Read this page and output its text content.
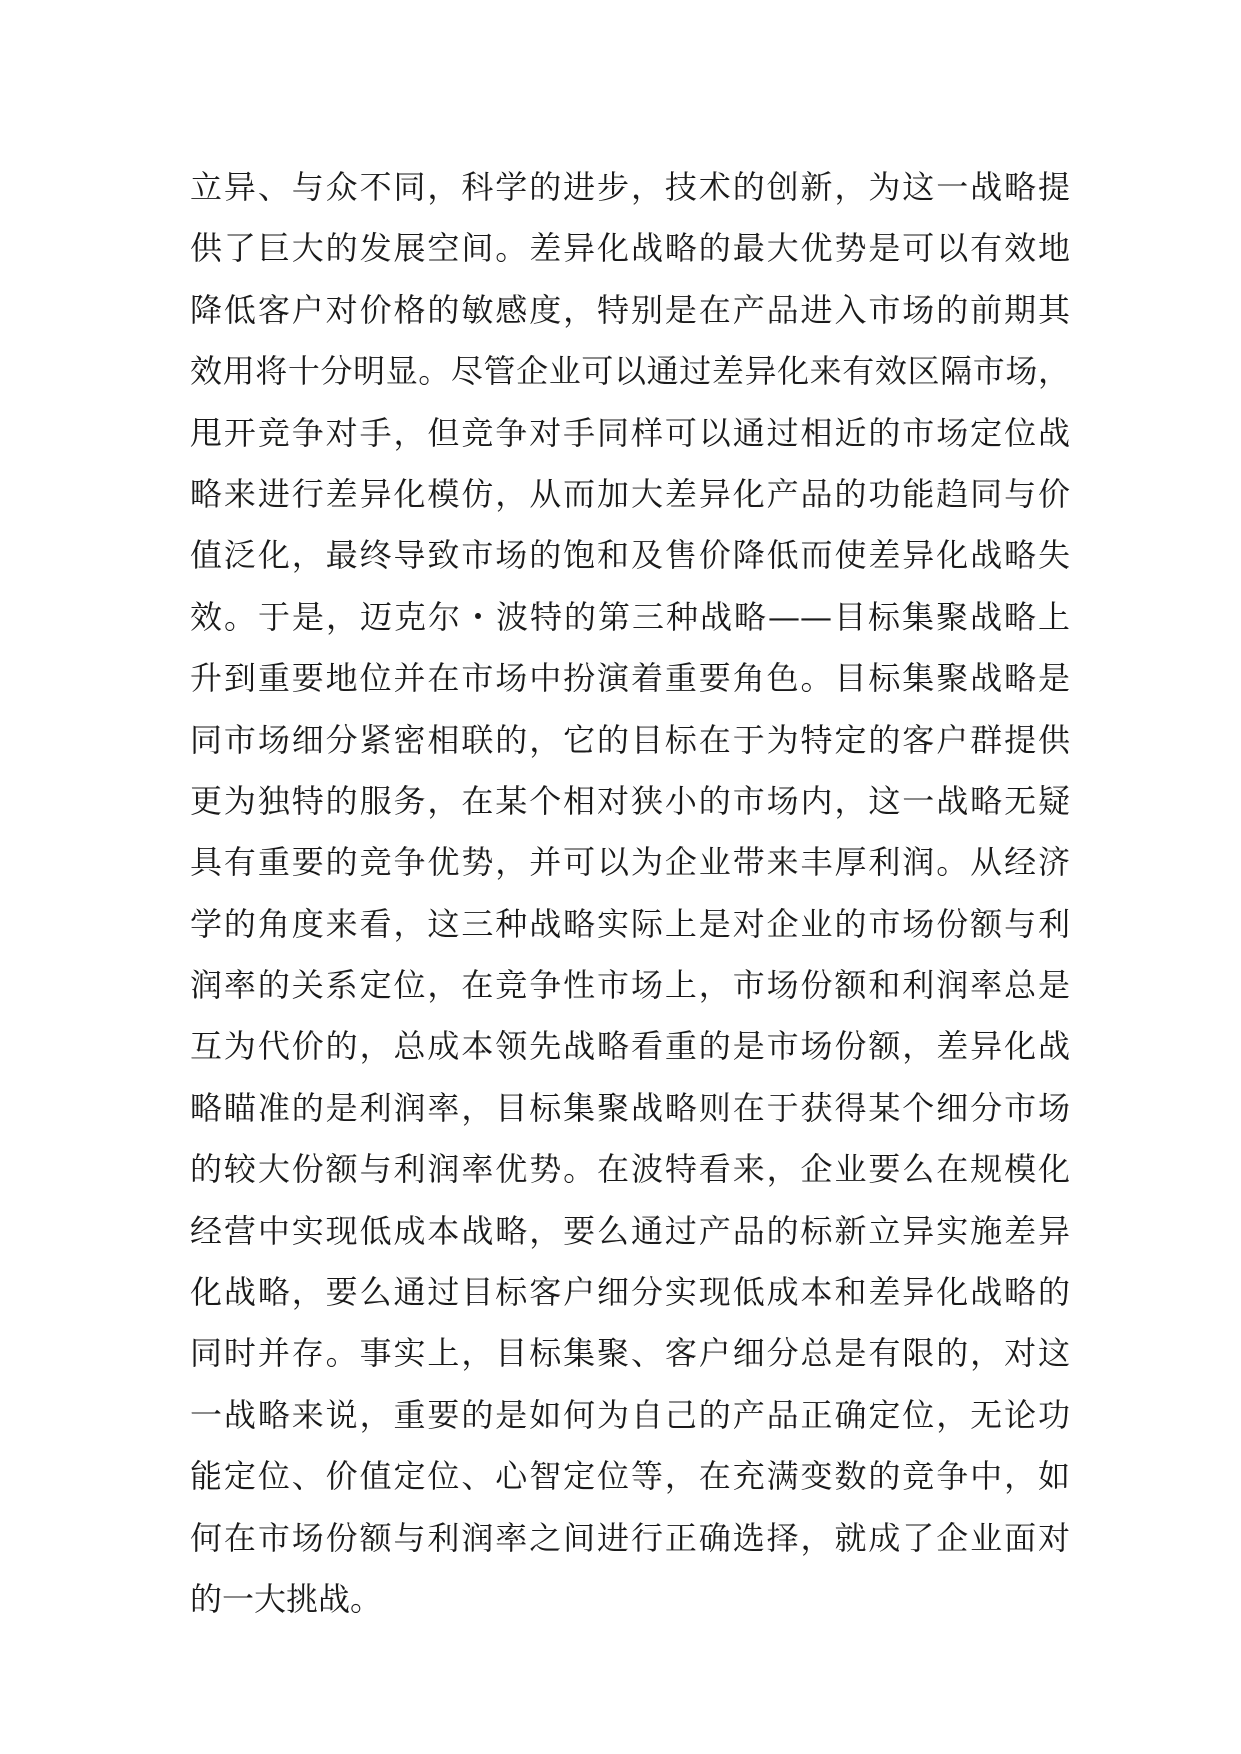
立异、与众不同，科学的进步，技术的创新，为这一战略提
供了巨大的发展空间。差异化战略的最大优势是可以有效地
降低客户对价格的敏感度，特别是在产品进入市场的前期其
效用将十分明显。尽管企业可以通过差异化来有效区隔市场，
甩开竞争对手，但竞争对手同样可以通过相近的市场定位战
略来进行差异化模仿，从而加大差异化产品的功能趋同与价
值泛化，最终导致市场的饱和及售价降低而使差异化战略失
效。于是，迈克尔・波特的第三种战略——目标集聚战略上
升到重要地位并在市场中扮演着重要角色。目标集聚战略是
同市场细分紧密相联的，它的目标在于为特定的客户群提供
更为独特的服务，在某个相对狭小的市场内，这一战略无疑
具有重要的竞争优势，并可以为企业带来丰厚利润。从经济
学的角度来看，这三种战略实际上是对企业的市场份额与利
润率的关系定位，在竞争性市场上，市场份额和利润率总是
互为代价的，总成本领先战略看重的是市场份额，差异化战
略瞄准的是利润率，目标集聚战略则在于获得某个细分市场
的较大份额与利润率优势。在波特看来，企业要么在规模化
经营中实现低成本战略，要么通过产品的标新立异实施差异
化战略，要么通过目标客户细分实现低成本和差异化战略的
同时并存。事实上，目标集聚、客户细分总是有限的，对这
一战略来说，重要的是如何为自己的产品正确定位，无论功
能定位、价值定位、心智定位等，在充满变数的竞争中，如
何在市场份额与利润率之间进行正确选择，就成了企业面对
的一大挑战。
